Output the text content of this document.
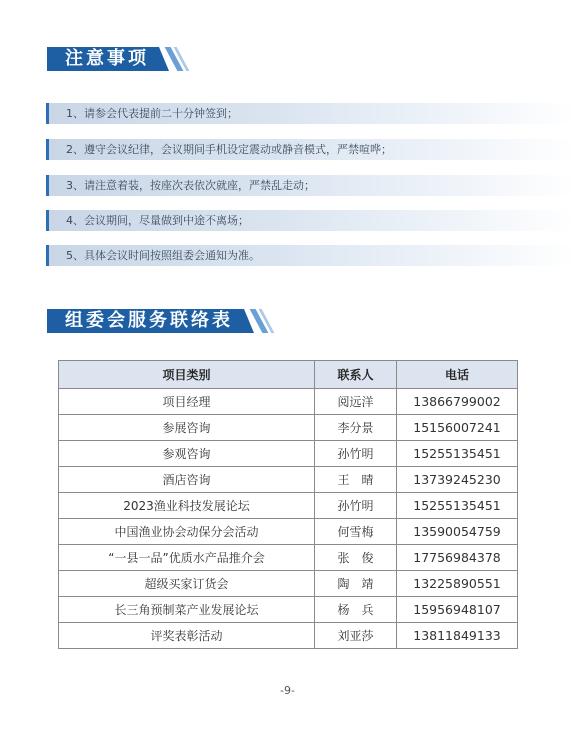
注意事项
1、请参会代表提前二十分钟签到；
2、遵守会议纪律，会议期间手机设定震动或静音模式，严禁喧哗；
3、请注意着装，按座次表依次就座，严禁乱走动；
4、会议期间，尽量做到中途不离场；
5、具体会议时间按照组委会通知为准。
组委会服务联络表
项目类别	联系人	电话
项目经理	阅远洋	13866799002
参展咨询	李分景	15156007241
参观咨询	孙竹明	15255135451
酒店咨询	王　晴	13739245230
2023渔业科技发展论坛	孙竹明	15255135451
中国渔业协会动保分会活动	何雪梅	13590054759
“一县一品”优质水产品推介会	张　俊	17756984378
超级买家订货会	陶　靖	13225890551
长三角预制菜产业发展论坛	杨　兵	15956948107
评奖表彰活动	刘亚莎	13811849133
-9-
